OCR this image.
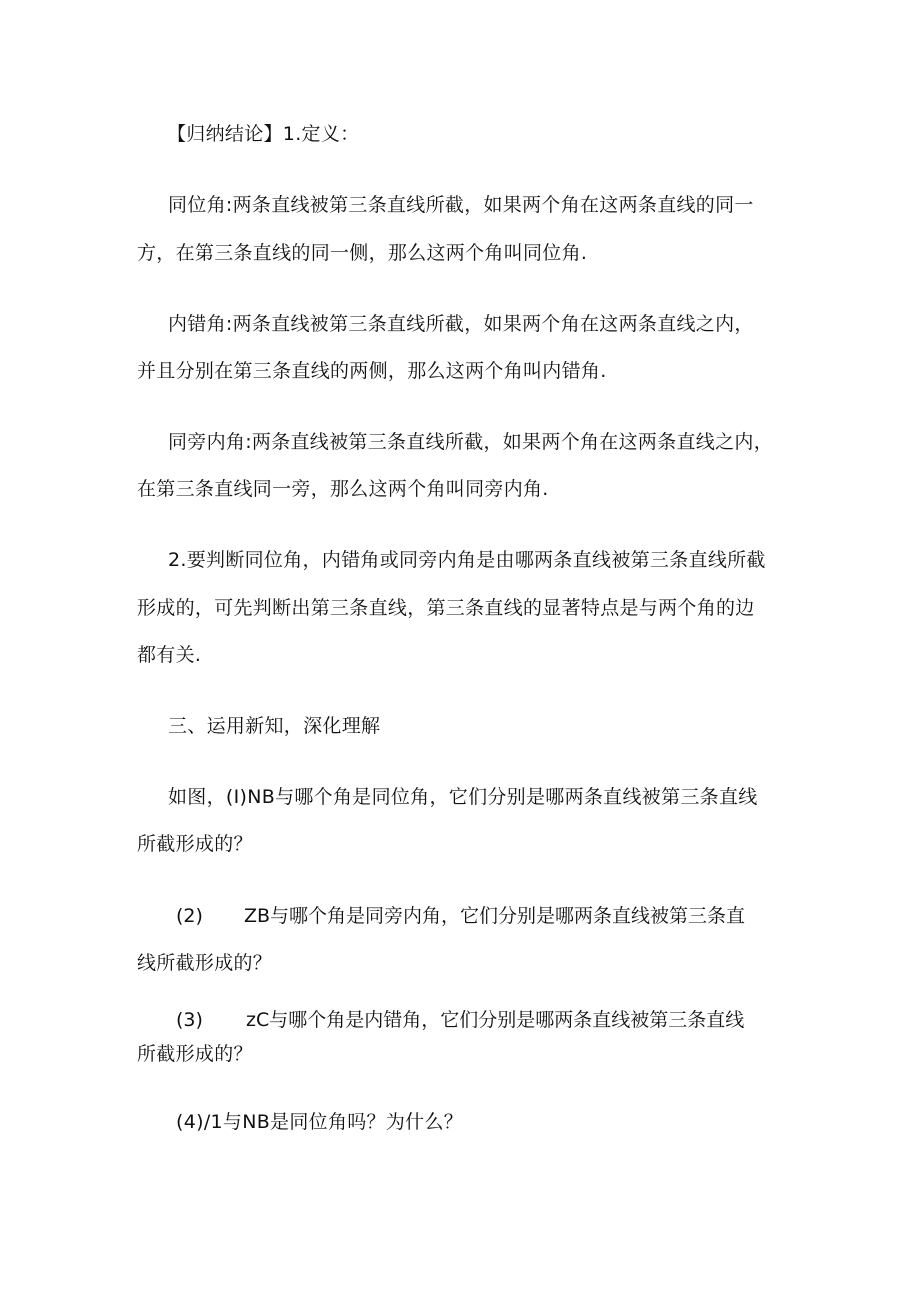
【归纳结论】1.定义：
同位角:两条直线被第三条直线所截，如果两个角在这两条直线的同一
方，在第三条直线的同一侧，那么这两个角叫同位角.
内错角:两条直线被第三条直线所截，如果两个角在这两条直线之内，
并且分别在第三条直线的两侧，那么这两个角叫内错角.
同旁内角:两条直线被第三条直线所截，如果两个角在这两条直线之内，
在第三条直线同一旁，那么这两个角叫同旁内角.
2.要判断同位角，内错角或同旁内角是由哪两条直线被第三条直线所截
形成的，可先判断出第三条直线，第三条直线的显著特点是与两个角的边
都有关.
三、运用新知，深化理解
如图，(I)NB与哪个角是同位角，它们分别是哪两条直线被第三条直线
所截形成的？
(2) ZB与哪个角是同旁内角，它们分别是哪两条直线被第三条直
线所截形成的？
(3) zC与哪个角是内错角，它们分别是哪两条直线被第三条直线
所截形成的？
(4)/1与NB是同位角吗？为什么？
